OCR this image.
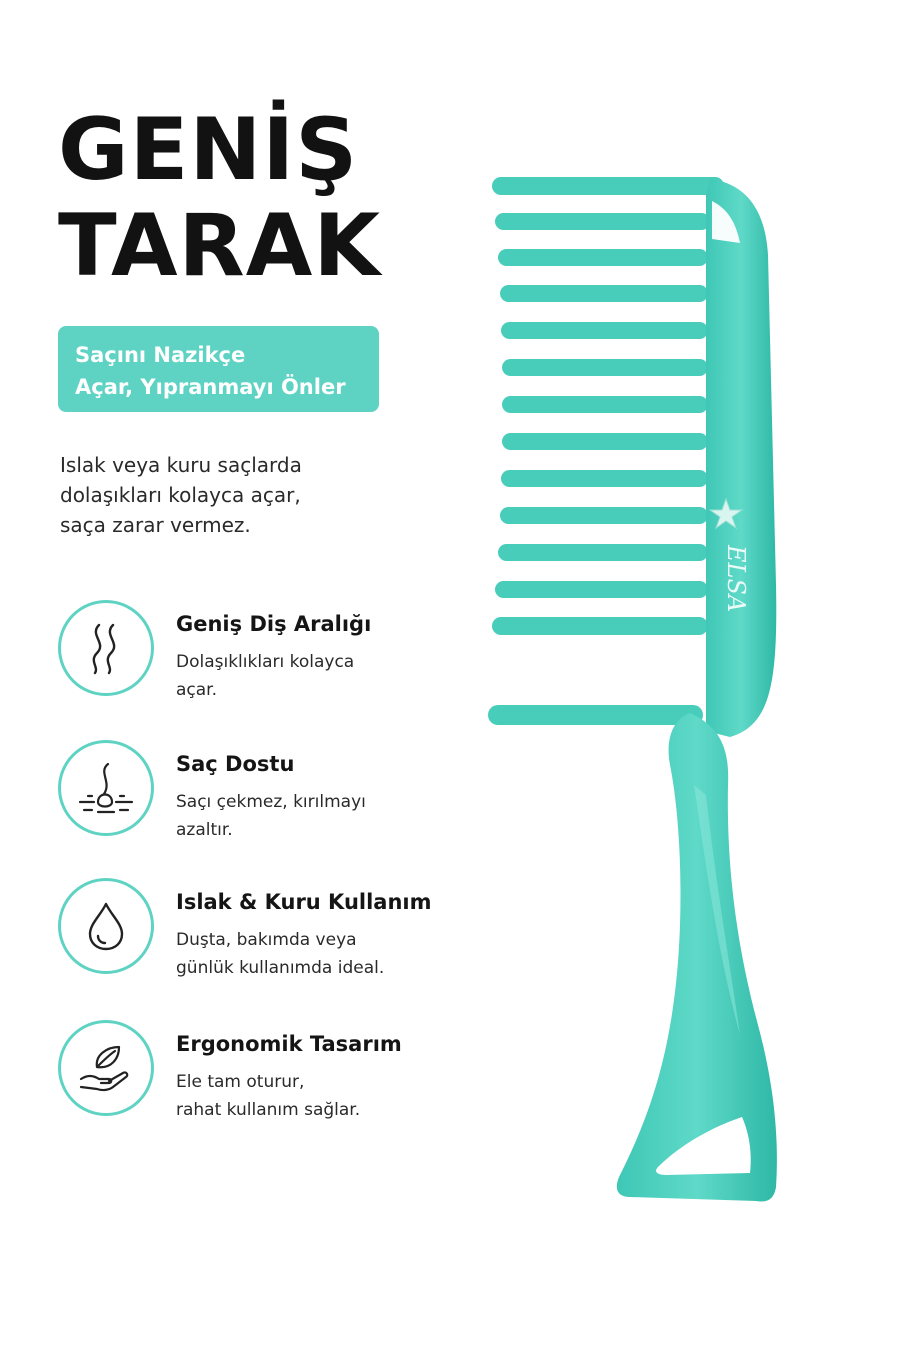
GENİŞ
TARAK
Saçını Nazikçe
Açar, Yıpranmayı Önler
Islak veya kuru saçlarda
dolaşıkları kolayca açar,
saça zarar vermez.
Geniş Diş Aralığı
Dolaşıklıkları kolayca
açar.
Saç Dostu
Saçı çekmez, kırılmayı
azaltır.
Islak & Kuru Kullanım
Duşta, bakımda veya
günlük kullanımda ideal.
Ergonomik Tasarım
Ele tam oturur,
rahat kullanım sağlar.
ELSA
